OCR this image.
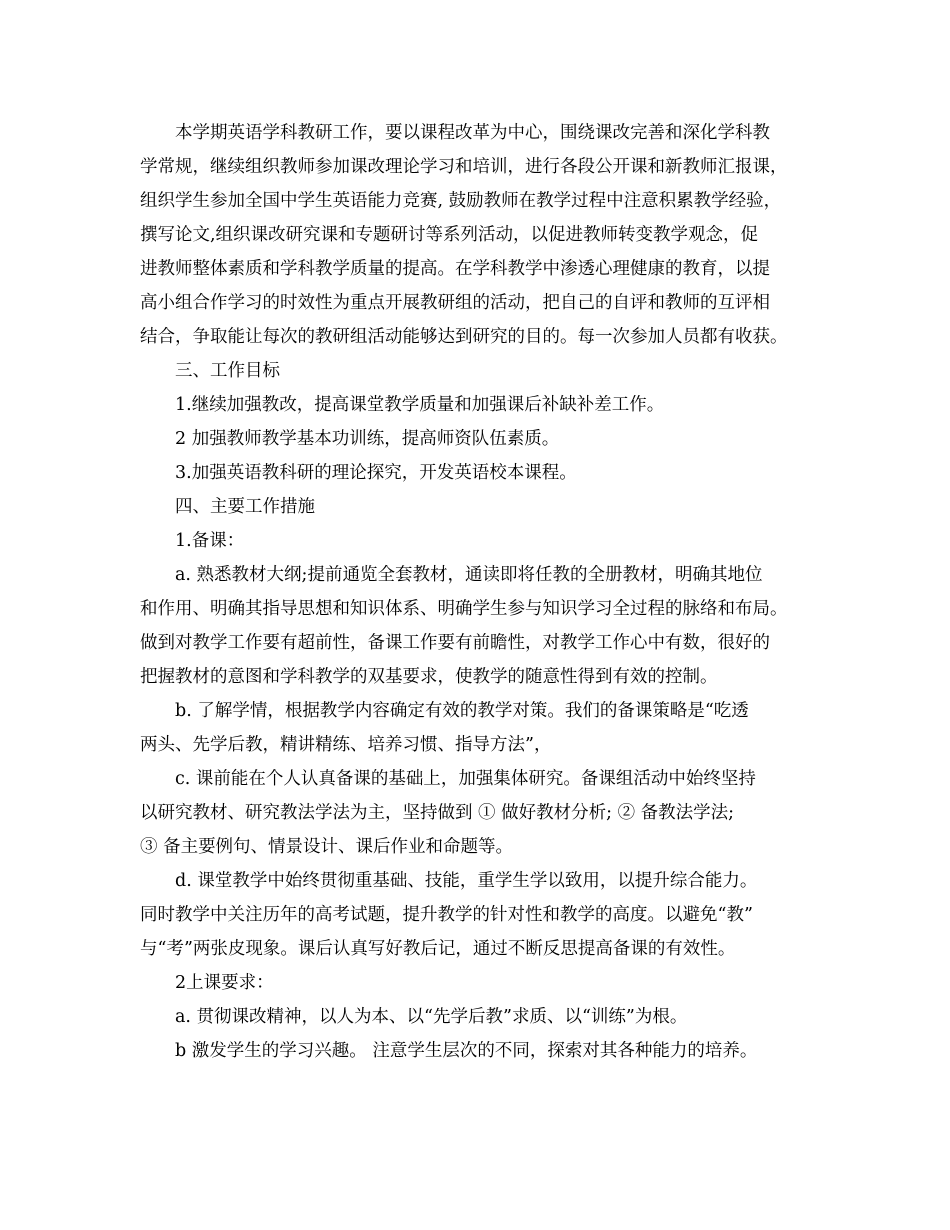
本学期英语学科教研工作，要以课程改革为中心，围绕课改完善和深化学科教
学常规，继续组织教师参加课改理论学习和培训，进行各段公开课和新教师汇报课，
组织学生参加全国中学生英语能力竞赛, 鼓励教师在教学过程中注意积累教学经验，
撰写论文,组织课改研究课和专题研讨等系列活动，以促进教师转变教学观念，促
进教师整体素质和学科教学质量的提高。在学科教学中渗透心理健康的教育，以提
高小组合作学习的时效性为重点开展教研组的活动，把自己的自评和教师的互评相
结合，争取能让每次的教研组活动能够达到研究的目的。每一次参加人员都有收获。
三、工作目标
1.继续加强教改，提高课堂教学质量和加强课后补缺补差工作。
2 加强教师教学基本功训练，提高师资队伍素质。
3.加强英语教科研的理论探究，开发英语校本课程。
四、主要工作措施
1.备课：
a. 熟悉教材大纲;提前通览全套教材，通读即将任教的全册教材，明确其地位
和作用、明确其指导思想和知识体系、明确学生参与知识学习全过程的脉络和布局。
做到对教学工作要有超前性，备课工作要有前瞻性，对教学工作心中有数，很好的
把握教材的意图和学科教学的双基要求，使教学的随意性得到有效的控制。
b. 了解学情，根据教学内容确定有效的教学对策。我们的备课策略是“吃透
两头、先学后教，精讲精练、培养习惯、指导方法”，
c. 课前能在个人认真备课的基础上，加强集体研究。备课组活动中始终坚持
以研究教材、研究教法学法为主，坚持做到 ① 做好教材分析; ② 备教法学法;
③ 备主要例句、情景设计、课后作业和命题等。
d. 课堂教学中始终贯彻重基础、技能，重学生学以致用，以提升综合能力。
同时教学中关注历年的高考试题，提升教学的针对性和教学的高度。以避免“教”
与“考”两张皮现象。课后认真写好教后记，通过不断反思提高备课的有效性。
2上课要求：
a. 贯彻课改精神，以人为本、以“先学后教”求质、以“训练”为根。
b 激发学生的学习兴趣。 注意学生层次的不同，探索对其各种能力的培养。
